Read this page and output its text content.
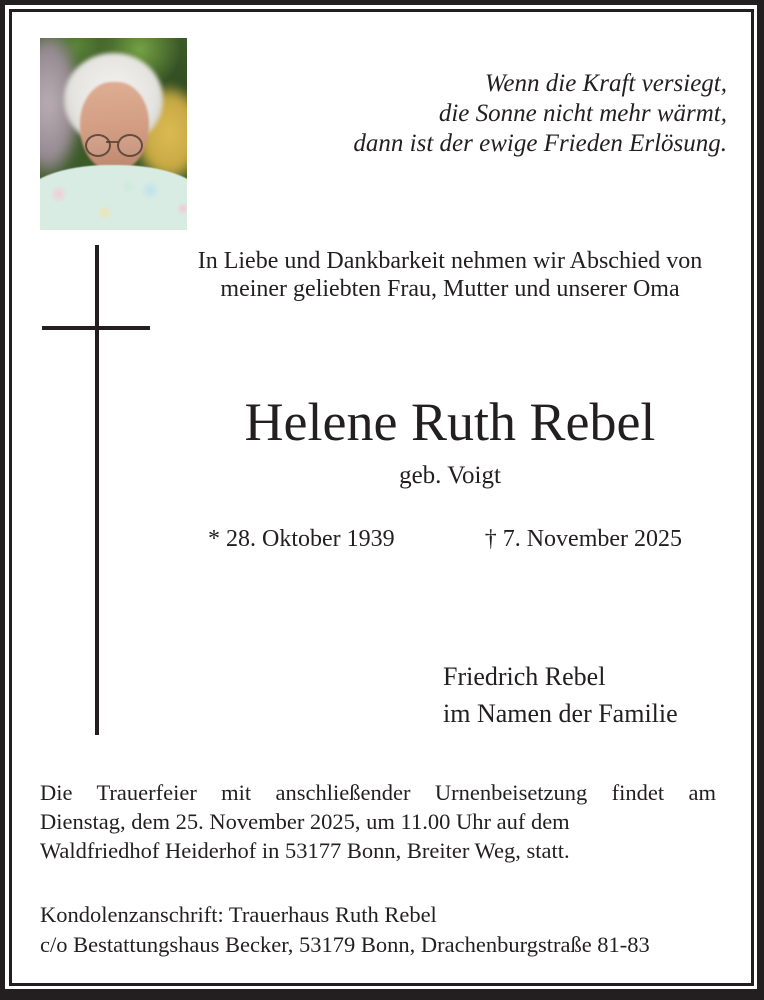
Wenn die Kraft versiegt,
die Sonne nicht mehr wärmt,
dann ist der ewige Frieden Erlösung.
In Liebe und Dankbarkeit nehmen wir Abschied von
meiner geliebten Frau, Mutter und unserer Oma
Helene Ruth Rebel
geb. Voigt
* 28. Oktober 1939	† 7. November 2025
Friedrich Rebel
im Namen der Familie
Die Trauerfeier mit anschließender Urnenbeisetzung findet am
Dienstag, dem 25. November 2025, um 11.00 Uhr auf dem
Waldfriedhof Heiderhof in 53177 Bonn, Breiter Weg, statt.
Kondolenzanschrift: Trauerhaus Ruth Rebel
c/o Bestattungshaus Becker, 53179 Bonn, Drachenburgstraße 81-83
